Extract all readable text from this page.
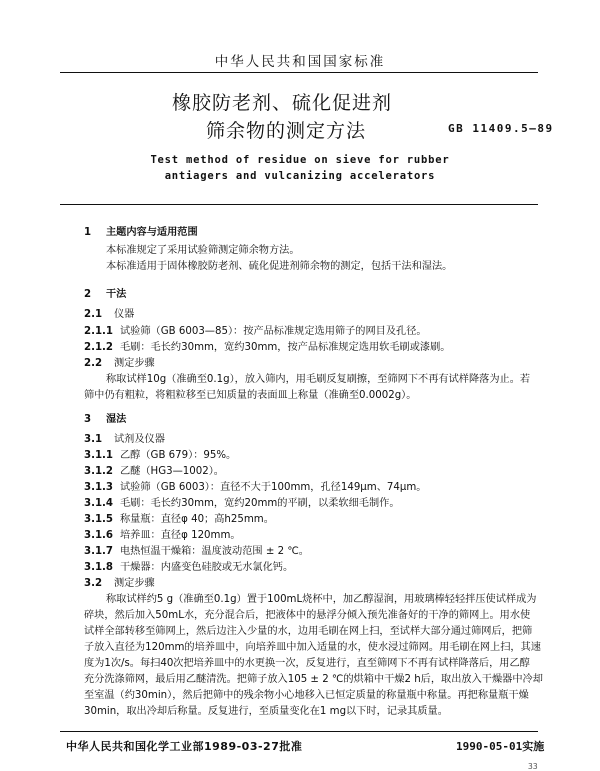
中华人民共和国国家标准
橡胶防老剂、硫化促进剂
筛余物的测定方法	GB 11409.5—89
Test method of residue on sieve for rubber
antiagers and vulcanizing accelerators
1 主题内容与适用范围
本标准规定了采用试验筛测定筛余物方法。
本标准适用于固体橡胶防老剂、硫化促进剂筛余物的测定，包括干法和湿法。
2 干法
2.1 仪器
2.1.1 试验筛（GB 6003—85）：按产品标准规定选用筛子的网目及孔径。
2.1.2 毛刷：毛长约30mm，宽约30mm，按产品标准规定选用软毛刷或漆刷。
2.2 测定步骤
称取试样10g（准确至0.1g），放入筛内，用毛刷反复刷擦，至筛网下不再有试样降落为止。若
筛中仍有粗粒，将粗粒移至已知质量的表面皿上称量（准确至0.0002g）。
3 湿法
3.1 试剂及仪器
3.1.1 乙醇（GB 679）：95%。
3.1.2 乙醚（HG3—1002）。
3.1.3 试验筛（GB 6003）：直径不大于100mm，孔径149μm、74μm。
3.1.4 毛刷：毛长约30mm，宽约20mm的平刷，以柔软细毛制作。
3.1.5 称量瓶：直径φ 40；高h25mm。
3.1.6 培养皿：直径φ 120mm。
3.1.7 电热恒温干燥箱：温度波动范围 ± 2 ℃。
3.1.8 干燥器：内盛变色硅胶或无水氯化钙。
3.2 测定步骤
称取试样约5 g（准确至0.1g）置于100mL烧杯中，加乙醇湿润，用玻璃棒轻轻拌压使试样成为
碎块，然后加入50mL水，充分混合后，把液体中的悬浮分倾入预先准备好的干净的筛网上。用水使
试样全部转移至筛网上，然后边注入少量的水，边用毛刷在网上扫，至试样大部分通过筛网后，把筛
子放入直径为120mm的培养皿中，向培养皿中加入适量的水，使水浸过筛网。用毛刷在网上扫，其速
度为1次/s。每扫40次把培养皿中的水更换一次，反复进行，直至筛网下不再有试样降落后，用乙醇
充分洗涤筛网，最后用乙醚清洗。把筛子放入105 ± 2 ℃的烘箱中干燥2 h后，取出放入干燥器中冷却
至室温（约30min），然后把筛中的残余物小心地移入已恒定质量的称量瓶中称量。再把称量瓶干燥
30min，取出冷却后称量。反复进行，至质量变化在1 mg以下时，记录其质量。
中华人民共和国化学工业部1989-03-27批准	1990-05-01实施
33
